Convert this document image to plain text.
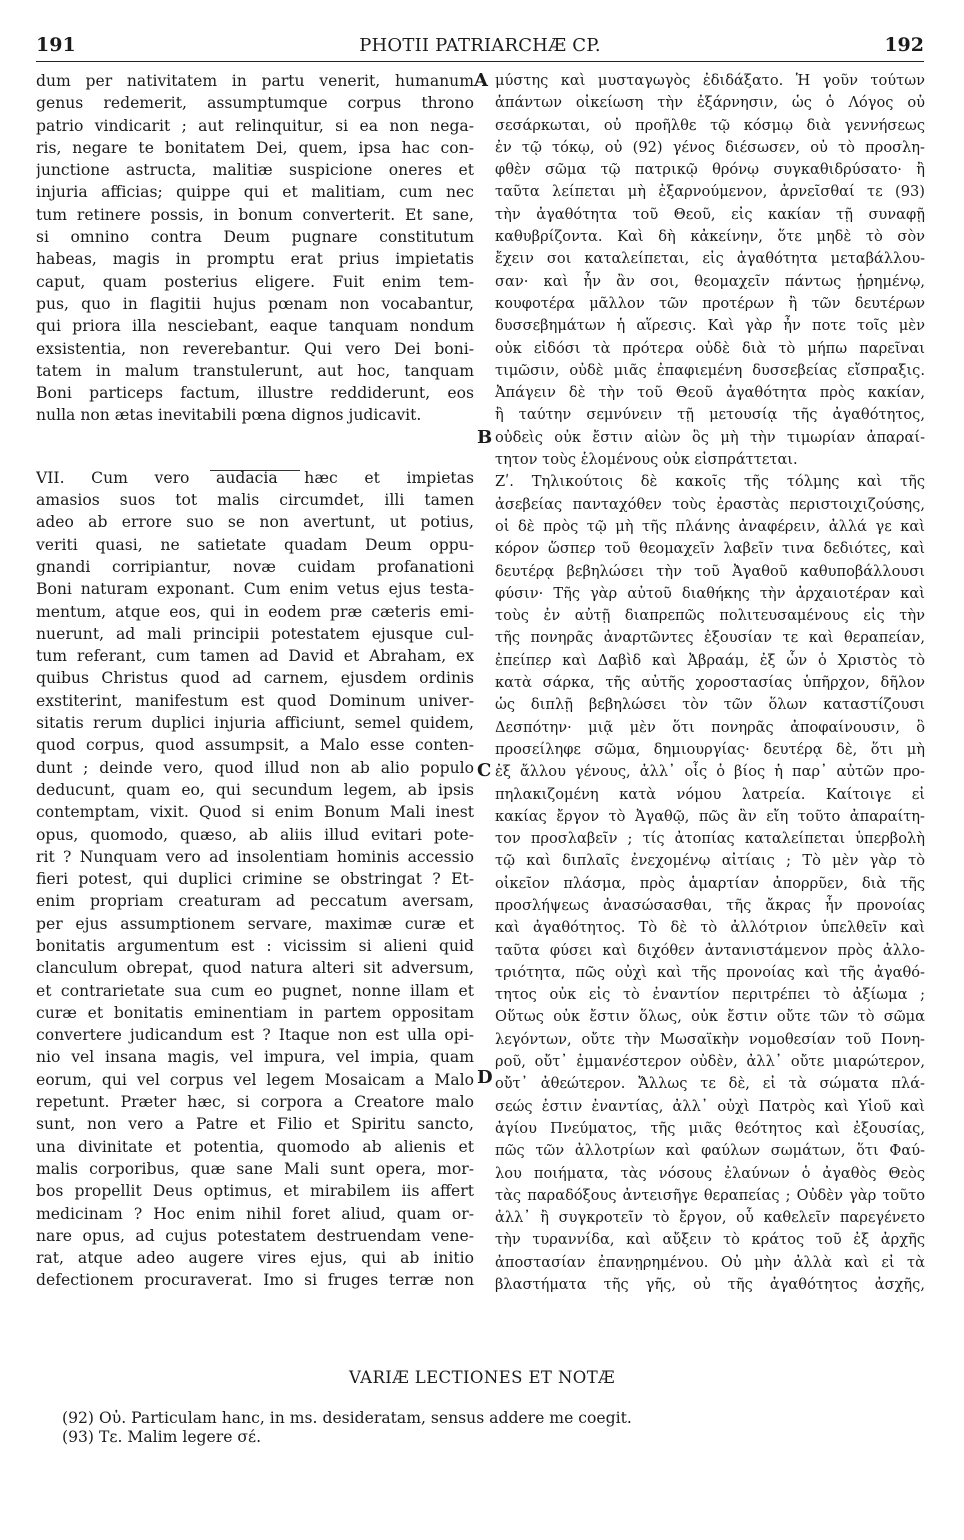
191	PHOTII PATRIARCHÆ CP.	192
dum per nativitatem in partu venerit, humanum
genus redemerit, assumptumque corpus throno
patrio vindicarit ; aut relinquitur, si ea non nega-
ris, negare te bonitatem Dei, quem, ipsa hac con-
junctione astructa, malitiæ suspicione oneres et
injuria afficias; quippe qui et malitiam, cum nec
tum retinere possis, in bonum converterit. Et sane,
si omnino contra Deum pugnare constitutum
habeas, magis in promptu erat prius impietatis
caput, quam posterius eligere. Fuit enim tem-
pus, quo in flagitii hujus pœnam non vocabantur,
qui priora illa nesciebant, eaque tanquam nondum
exsistentia, non reverebantur. Qui vero Dei boni-
tatem in malum transtulerunt, aut hoc, tanquam
Boni particeps factum, illustre reddiderunt, eos
nulla non ætas inevitabili pœna dignos judicavit.
VII. Cum vero audacia hæc et impietas
amasios suos tot malis circumdet, illi tamen
adeo ab errore suo se non avertunt, ut potius,
veriti quasi, ne satietate quadam Deum oppu-
gnandi corripiantur, novæ cuidam profanationi
Boni naturam exponant. Cum enim vetus ejus testa-
mentum, atque eos, qui in eodem præ cæteris emi-
nuerunt, ad mali principii potestatem ejusque cul-
tum referant, cum tamen ad David et Abraham, ex
quibus Christus quod ad carnem, ejusdem ordinis
exstiterint, manifestum est quod Dominum univer-
sitatis rerum duplici injuria afficiunt, semel quidem,
quod corpus, quod assumpsit, a Malo esse conten-
dunt ; deinde vero, quod illud non ab alio populo
deducunt, quam eo, qui secundum legem, ab ipsis
contemptam, vixit. Quod si enim Bonum Mali inest
opus, quomodo, quæso, ab aliis illud evitari pote-
rit ? Nunquam vero ad insolentiam hominis accessio
fieri potest, qui duplici crimine se obstringat ? Et-
enim propriam creaturam ad peccatum aversam,
per ejus assumptionem servare, maximæ curæ et
bonitatis argumentum est : vicissim si alieni quid
clanculum obrepat, quod natura alteri sit adversum,
et contrarietate sua cum eo pugnet, nonne illam et
curæ et bonitatis eminentiam in partem oppositam
convertere judicandum est ? Itaque non est ulla opi-
nio vel insana magis, vel impura, vel impia, quam
eorum, qui vel corpus vel legem Mosaicam a Malo
repetunt. Præter hæc, si corpora a Creatore malo
sunt, non vero a Patre et Filio et Spiritu sancto,
una divinitate et potentia, quomodo ab alienis et
malis corporibus, quæ sane Mali sunt opera, mor-
bos propellit Deus optimus, et mirabilem iis affert
medicinam ? Hoc enim nihil foret aliud, quam or-
nare opus, ad cujus potestatem destruendam vene-
rat, atque adeo augere vires ejus, qui ab initio
defectionem procuraverat. Imo si fruges terræ non
μύστης καὶ μυσταγωγὸς ἐδιδάξατο. Ἡ γοῦν τούτων
ἁπάντων οἰκείωση τὴν ἐξάρνησιν, ὡς ὁ Λόγος οὐ
σεσάρκωται, οὐ προῆλθε τῷ κόσμῳ διὰ γεννήσεως
ἐν τῷ τόκῳ, οὐ (92) γένος διέσωσεν, οὐ τὸ προσλη-
φθὲν σῶμα τῷ πατρικῷ θρόνῳ συγκαθιδρύσατο· ἢ
ταῦτα λείπεται μὴ ἐξαρνούμενον, ἀρνεῖσθαί τε (93)
τὴν ἀγαθότητα τοῦ Θεοῦ, εἰς κακίαν τῇ συναφῇ
καθυβρίζοντα. Καὶ δὴ κἀκείνην, ὅτε μηδὲ τὸ σὸν
ἔχειν σοι καταλείπεται, εἰς ἀγαθότητα μεταβάλλου-
σαν· καὶ ἦν ἂν σοι, θεομαχεῖν πάντως ᾑρημένῳ,
κουφοτέρα μᾶλλον τῶν προτέρων ἢ τῶν δευτέρων
δυσσεβημάτων ἡ αἵρεσις. Καὶ γὰρ ἦν ποτε τοῖς μὲν
οὐκ εἰδόσι τὰ πρότερα οὐδὲ διὰ τὸ μήπω παρεῖναι
τιμῶσιν, οὐδὲ μιᾶς ἐπαφιεμένη δυσσεβείας εἴσπραξις.
Ἀπάγειν δὲ τὴν τοῦ Θεοῦ ἀγαθότητα πρὸς κακίαν,
ἢ ταύτην σεμνύνειν τῇ μετουσίᾳ τῆς ἀγαθότητος,
οὐδεὶς οὐκ ἔστιν αἰὼν ὃς μὴ τὴν τιμωρίαν ἀπαραί-
τητον τοὺς ἑλομένους οὐκ εἰσπράττεται.
Ζʹ. Τηλικούτοις δὲ κακοῖς τῆς τόλμης καὶ τῆς
ἀσεβείας πανταχόθεν τοὺς ἐραστὰς περιστοιχιζούσης,
οἱ δὲ πρὸς τῷ μὴ τῆς πλάνης ἀναφέρειν, ἀλλά γε καὶ
κόρον ὥσπερ τοῦ θεομαχεῖν λαβεῖν τινα δεδιότες, καὶ
δευτέρᾳ βεβηλώσει τὴν τοῦ Ἀγαθοῦ καθυποβάλλουσι
φύσιν· Τῆς γὰρ αὐτοῦ διαθήκης τὴν ἀρχαιοτέραν καὶ
τοὺς ἐν αὐτῇ διαπρεπῶς πολιτευσαμένους εἰς τὴν
τῆς πονηρᾶς ἀναρτῶντες ἐξουσίαν τε καὶ θεραπείαν,
ἐπείπερ καὶ Δαβὶδ καὶ Ἀβραάμ, ἐξ ὧν ὁ Χριστὸς τὸ
κατὰ σάρκα, τῆς αὐτῆς χοροστασίας ὑπῆρχον, δῆλον
ὡς διπλῇ βεβηλώσει τὸν τῶν ὅλων καταστίζουσι
Δεσπότην· μιᾷ μὲν ὅτι πονηρᾶς ἀποφαίνουσιν, ὃ
προσείληφε σῶμα, δημιουργίας· δευτέρᾳ δὲ, ὅτι μὴ
ἐξ ἄλλου γένους, ἀλλ᾽ οἷς ὁ βίος ἡ παρ᾽ αὐτῶν προ-
πηλακιζομένη κατὰ νόμου λατρεία. Καίτοιγε εἰ
κακίας ἔργον τὸ Ἀγαθῷ, πῶς ἂν εἴη τοῦτο ἀπαραίτη-
τον προσλαβεῖν ; τίς ἀτοπίας καταλείπεται ὑπερβολὴ
τῷ καὶ διπλαῖς ἐνεχομένῳ αἰτίαις ; Τὸ μὲν γὰρ τὸ
οἰκεῖον πλάσμα, πρὸς ἁμαρτίαν ἀπορρῦεν, διὰ τῆς
προσλήψεως ἀνασώσασθαι, τῆς ἄκρας ἦν προνοίας
καὶ ἀγαθότητος. Τὸ δὲ τὸ ἀλλότριον ὑπελθεῖν καὶ
ταῦτα φύσει καὶ διχόθεν ἀντανιστάμενον πρὸς ἀλλο-
τριότητα, πῶς οὐχὶ καὶ τῆς προνοίας καὶ τῆς ἀγαθό-
τητος οὐκ εἰς τὸ ἐναντίον περιτρέπει τὸ ἀξίωμα ;
Οὕτως οὐκ ἔστιν ὅλως, οὐκ ἔστιν οὔτε τῶν τὸ σῶμα
λεγόντων, οὔτε τὴν Μωσαϊκὴν νομοθεσίαν τοῦ Πονη-
ροῦ, οὔτ᾽ ἐμμανέστερον οὐδὲν, ἀλλ᾽ οὔτε μιαρώτερον,
οὔτ᾽ ἀθεώτερον. Ἄλλως τε δὲ, εἰ τὰ σώματα πλά-
σεώς ἐστιν ἐναντίας, ἀλλ᾽ οὐχὶ Πατρὸς καὶ Υἱοῦ καὶ
ἁγίου Πνεύματος, τῆς μιᾶς θεότητος καὶ ἐξουσίας,
πῶς τῶν ἀλλοτρίων καὶ φαύλων σωμάτων, ὅτι Φαύ-
λου ποιήματα, τὰς νόσους ἐλαύνων ὁ ἀγαθὸς Θεὸς
τὰς παραδόξους ἀντεισῆγε θεραπείας ; Οὐδὲν γὰρ τοῦτο
ἀλλ᾽ ἢ συγκροτεῖν τὸ ἔργον, οὗ καθελεῖν παρεγένετο
τὴν τυραννίδα, καὶ αὔξειν τὸ κράτος τοῦ ἐξ ἀρχῆς
ἀποστασίαν ἐπανῃρημένου. Οὐ μὴν ἀλλὰ καὶ εἰ τὰ
βλαστήματα τῆς γῆς, οὐ τῆς ἀγαθότητος ἀσχῆς,
A
B
C
D
VARIÆ LECTIONES ET NOTÆ
(92) Οὐ. Particulam hanc, in ms. desideratam, sensus addere me coegit.
(93) Τε. Malim legere σέ.
